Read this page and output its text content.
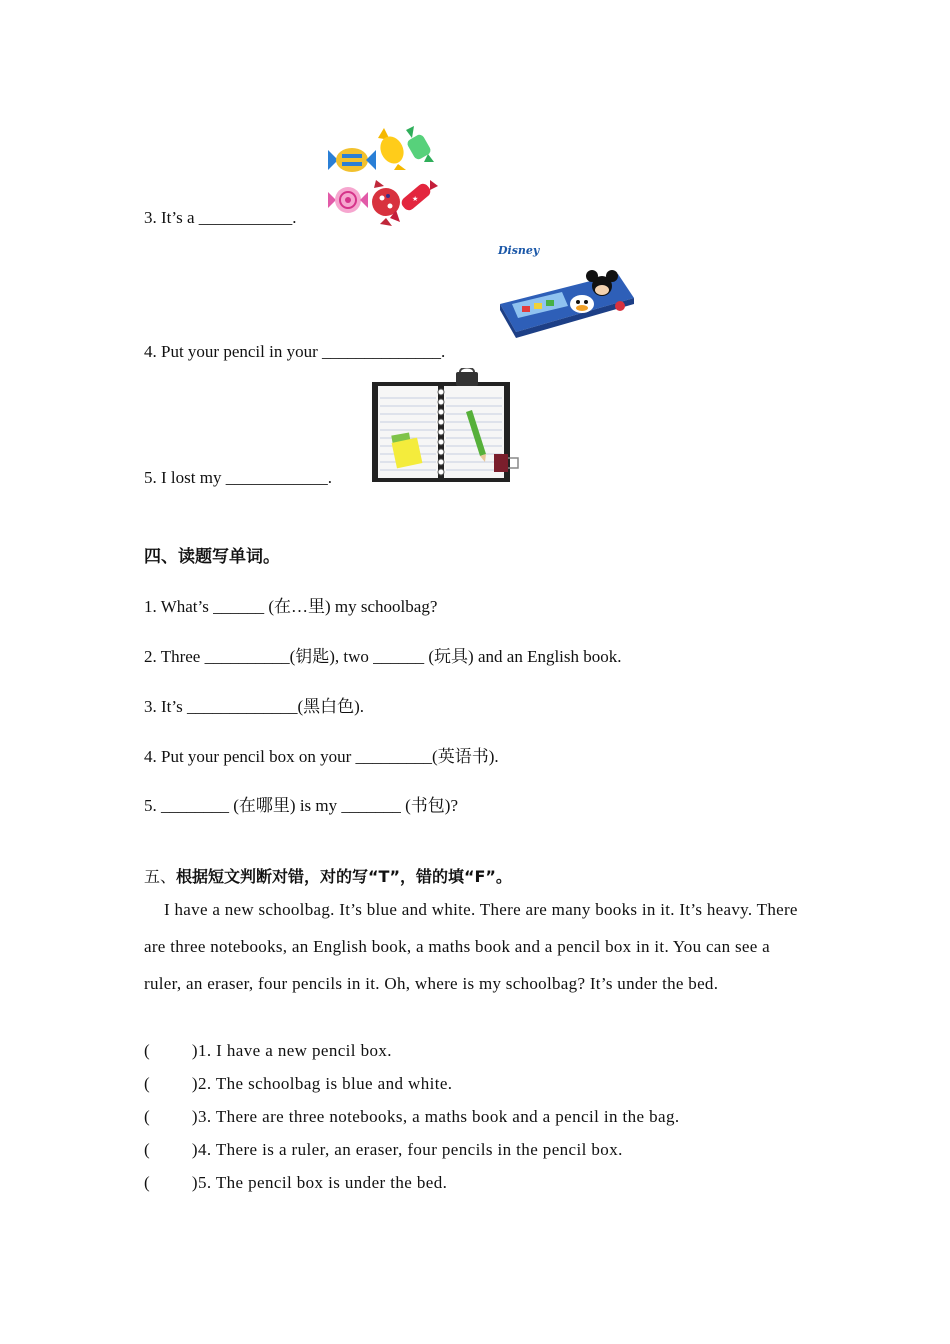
3. It’s a ___________.
4. Put your pencil in your ______________.
5. I lost my ____________.
★
Disney
四、读题写单词。
1. What’s ______ (在…里) my schoolbag?
2. Three __________(钥匙), two ______ (玩具) and an English book.
3. It’s _____________(黑白色).
4. Put your pencil box on your _________(英语书).
5. ________ (在哪里) is my _______ (书包)?
五、根据短文判断对错，对的写“T”，错的填“F”。
I have a new schoolbag. It’s blue and white. There are many books in it. It’s heavy. There are three notebooks, an English book, a maths book and a pencil box in it. You can see a ruler, an eraser, four pencils in it. Oh, where is my schoolbag? It’s under the bed.
(         )1. I have a new pencil box.
(         )2. The schoolbag is blue and white.
(         )3. There are three notebooks, a maths book and a pencil in the bag.
(         )4. There is a ruler, an eraser, four pencils in the pencil box.
(         )5. The pencil box is under the bed.
